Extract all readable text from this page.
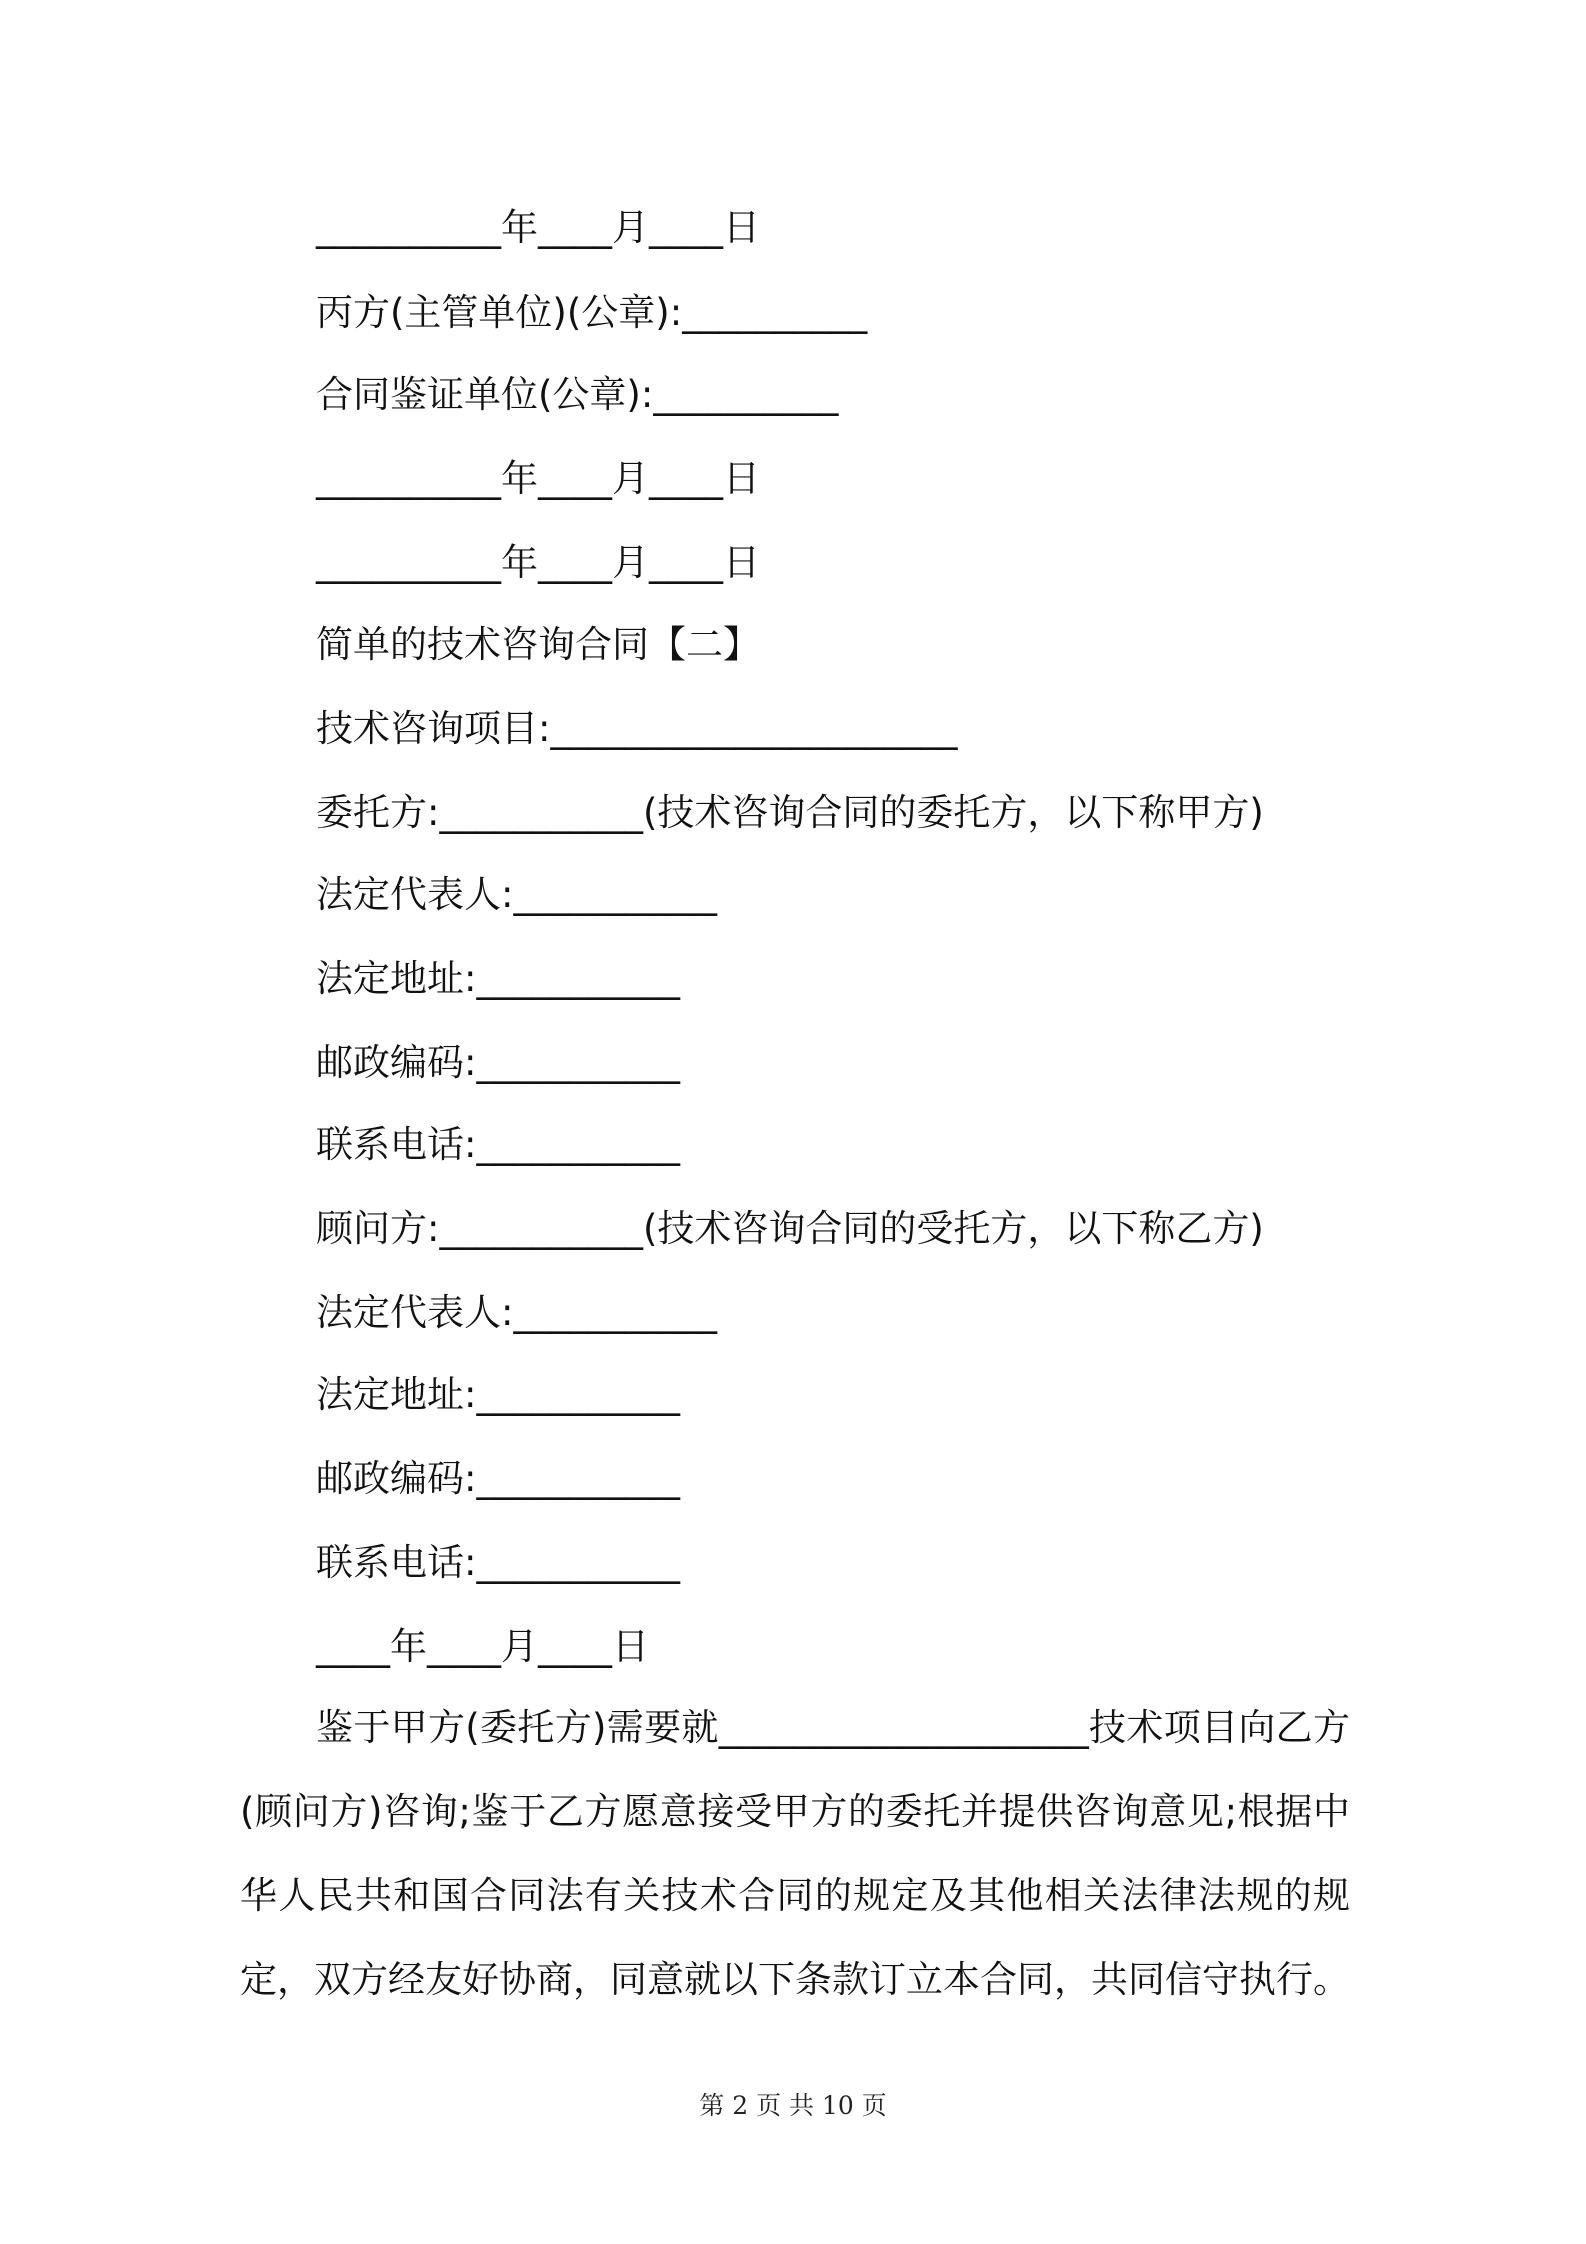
__________年____月____日
丙方(主管单位)(公章):__________
合同鉴证单位(公章):__________
__________年____月____日
__________年____月____日
简单的技术咨询合同【二】
技术咨询项目:______________________
委托方:___________(技术咨询合同的委托方，以下称甲方)
法定代表人:___________
法定地址:___________
邮政编码:___________
联系电话:___________
顾问方:___________(技术咨询合同的受托方，以下称乙方)
法定代表人:___________
法定地址:___________
邮政编码:___________
联系电话:___________
____年____月____日
鉴于甲方(委托方)需要就____________________技术项目向乙方(顾问方)咨询;鉴于乙方愿意接受甲方的委托并提供咨询意见;根据中华人民共和国合同法有关技术合同的规定及其他相关法律法规的规定，双方经友好协商，同意就以下条款订立本合同，共同信守执行。
第 2 页 共 10 页
